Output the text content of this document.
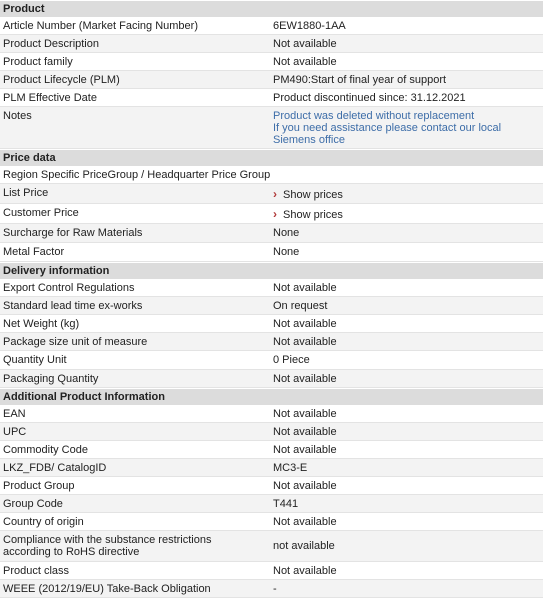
Product
Article Number (Market Facing Number)	6EW1880-1AA
Product Description	Not available
Product family	Not available
Product Lifecycle (PLM)	PM490:Start of final year of support
PLM Effective Date	Product discontinued since: 31.12.2021
Notes	Product was deleted without replacement
If you need assistance please contact our local
Siemens office
Price data
Region Specific PriceGroup / Headquarter Price Group
List Price	› Show prices
Customer Price	› Show prices
Surcharge for Raw Materials	None
Metal Factor	None
Delivery information
Export Control Regulations	Not available
Standard lead time ex-works	On request
Net Weight (kg)	Not available
Package size unit of measure	Not available
Quantity Unit	0 Piece
Packaging Quantity	Not available
Additional Product Information
EAN	Not available
UPC	Not available
Commodity Code	Not available
LKZ_FDB/ CatalogID	MC3-E
Product Group	Not available
Group Code	T441
Country of origin	Not available
Compliance with the substance restrictions according to RoHS directive	not available
Product class	Not available
WEEE (2012/19/EU) Take-Back Obligation	-
